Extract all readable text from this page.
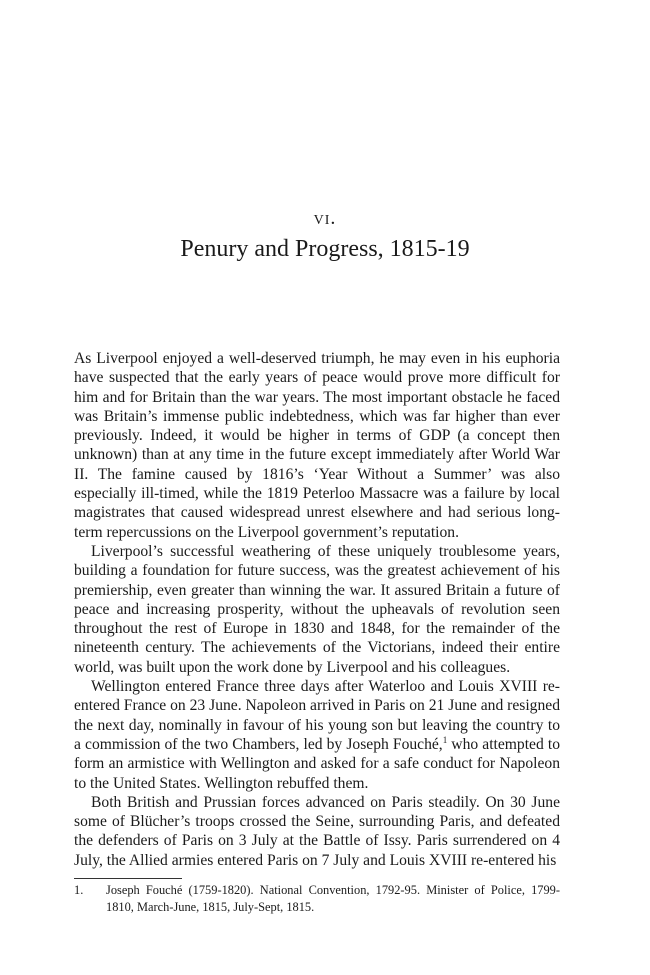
vi.
Penury and Progress, 1815-19

As Liverpool enjoyed a well-deserved triumph, he may even in his euphoria have suspected that the early years of peace would prove more difficult for him and for Britain than the war years. The most important obstacle he faced was Britain’s immense public indebtedness, which was far higher than ever previously. Indeed, it would be higher in terms of GDP (a concept then unknown) than at any time in the future except immediately after World War II. The famine caused by 1816’s ‘Year Without a Summer’ was also especially ill-timed, while the 1819 Peterloo Massacre was a failure by local magistrates that caused widespread unrest elsewhere and had serious long-term repercussions on the Liverpool government’s reputation.

Liverpool’s successful weathering of these uniquely troublesome years, building a foundation for future success, was the greatest achievement of his premiership, even greater than winning the war. It assured Britain a future of peace and increasing prosperity, without the upheavals of revolution seen throughout the rest of Europe in 1830 and 1848, for the remainder of the nineteenth century. The achievements of the Victorians, indeed their entire world, was built upon the work done by Liverpool and his colleagues.

Wellington entered France three days after Waterloo and Louis XVIII re-entered France on 23 June. Napoleon arrived in Paris on 21 June and resigned the next day, nominally in favour of his young son but leaving the country to a commission of the two Chambers, led by Joseph Fouché,$^1$ who attempted to form an armistice with Wellington and asked for a safe conduct for Napoleon to the United States. Wellington rebuffed them.

Both British and Prussian forces advanced on Paris steadily. On 30 June some of Blücher’s troops crossed the Seine, surrounding Paris, and defeated the defenders of Paris on 3 July at the Battle of Issy. Paris surrendered on 4 July, the Allied armies entered Paris on 7 July and Louis XVIII re-entered his

1. Joseph Fouché (1759-1820). National Convention, 1792-95. Minister of Police, 1799-1810, March-June, 1815, July-Sept, 1815.
